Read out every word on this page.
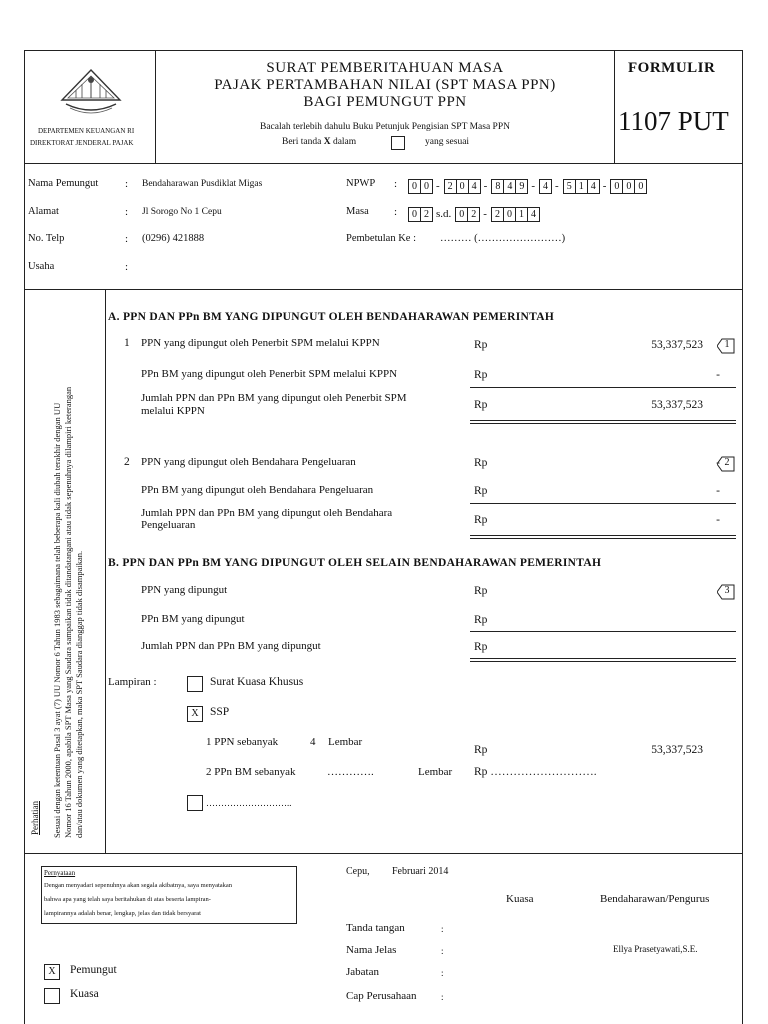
DEPARTEMEN KEUANGAN RI
DIREKTORAT JENDERAL PAJAK
SURAT PEMBERITAHUAN MASA
PAJAK PERTAMBAHAN NILAI (SPT MASA PPN)
BAGI PEMUNGUT PPN
Bacalah terlebih dahulu Buku Petunjuk Pengisian SPT Masa PPN
Beri tanda X dalam	yang sesuai
FORMULIR
1107 PUT
Nama Pemungut : Bendaharawan Pusdiklat Migas
Alamat	: Jl Sorogo No 1 Cepu
No. Telp	: (0296) 421888
Usaha	:
NPWP :	0 0 - 2 0 4 - 8 4 9 - 4 - 5 1 4 - 0 0 0
Masa :	0 2 s.d. 0 2 - 2 0 1 4
Pembetulan Ke : ……… (……………………)
Perhatian Sesuai dengan ketentuan Pasal 3 ayat (7) UU Nomor 6 Tahun 1983 sebagaimana telah beberapa kali diubah terakhir dengan UU Nomor 16 Tahun 2000, apabila SPT Masa yang Saudara sampaikan tidak ditandatangani atau tidak sepenuhnya dilampiri keterangan dan/atau dokumen yang ditetapkan, maka SPT Saudara dianggap tidak disampaikan.
A. PPN DAN PPn BM YANG DIPUNGUT OLEH BENDAHARAWAN PEMERINTAH
1 PPN yang dipungut oleh Penerbit SPM melalui KPPN	Rp	53,337,523	1
PPn BM yang dipungut oleh Penerbit SPM melalui KPPN	Rp	-
Jumlah PPN dan PPn BM yang dipungut oleh Penerbit SPM
melalui KPPN	Rp	53,337,523
2 PPN yang dipungut oleh Bendahara Pengeluaran	Rp	- 2
PPn BM yang dipungut oleh Bendahara Pengeluaran	Rp	-
Jumlah PPN dan PPn BM yang dipungut oleh Bendahara
Pengeluaran	Rp	-
B. PPN DAN PPn BM YANG DIPUNGUT OLEH SELAIN BENDAHARAWAN PEMERINTAH
PPN yang dipungut	Rp	3
PPn BM yang dipungut	Rp
Jumlah PPN dan PPn BM yang dipungut	Rp
Lampiran :	Surat Kuasa Khusus
X SSP
1 PPN sebanyak	4 Lembar
Rp	53,337,523
2 PPn BM sebanyak	………….	Lembar Rp ……………………….
………………………..
Pernyataan
Dengan menyadari sepenuhnya akan segala akibatnya, saya menyatakan
bahwa apa yang telah saya beritahukan di atas beserta lampiran-
lampirannya adalah benar, lengkap, jelas dan tidak bersyarat
Cepu, Februari 2014
Kuasa	Bendaharawan/Pengurus
Tanda tangan	:
Nama Jelas	:	Ellya Prasetyawati,S.E.
Jabatan	:
Cap Perusahaan	:
X	Pemungut
Kuasa
